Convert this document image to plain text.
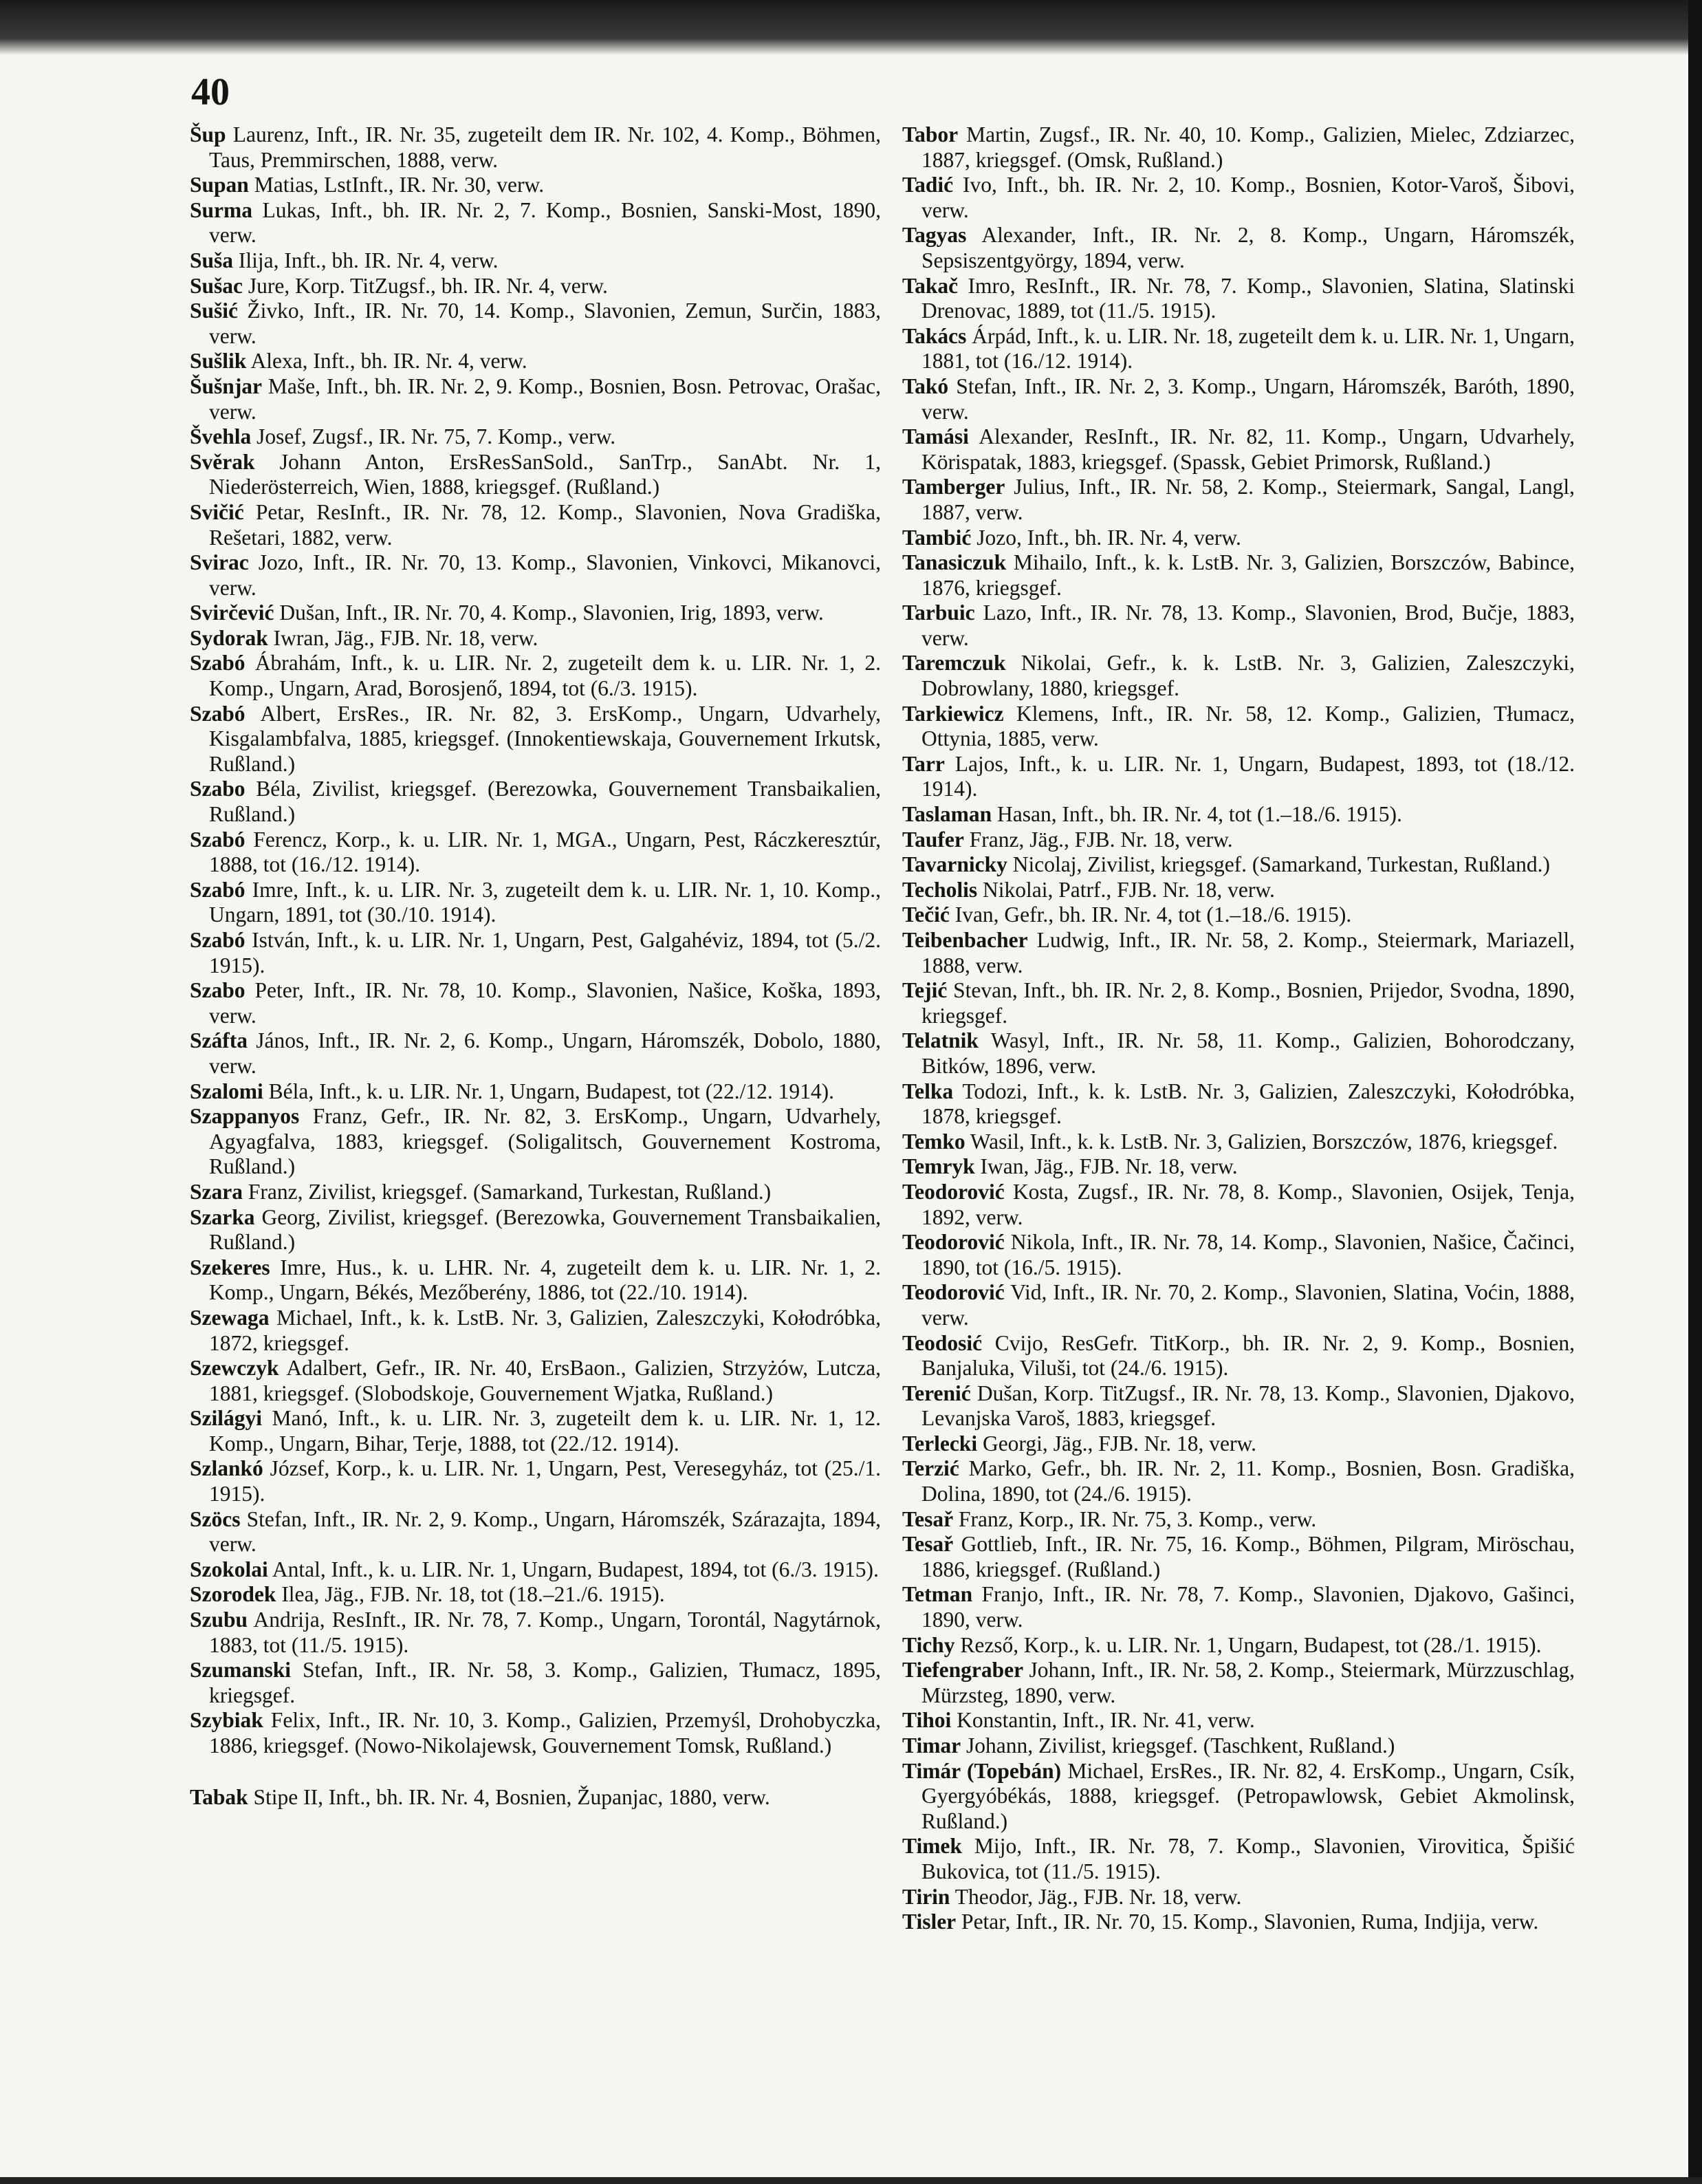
40

Šup Laurenz, Inft., IR. Nr. 35, zugeteilt dem IR. Nr. 102, 4. Komp., Böhmen, Taus, Premmirschen, 1888, verw.

Supan Matias, LstInft., IR. Nr. 30, verw.

Surma Lukas, Inft., bh. IR. Nr. 2, 7. Komp., Bosnien, Sanski-Most, 1890, verw.

Suša Ilija, Inft., bh. IR. Nr. 4, verw.

Sušac Jure, Korp. TitZugsf., bh. IR. Nr. 4, verw.

Sušić Živko, Inft., IR. Nr. 70, 14. Komp., Slavonien, Zemun, Surčin, 1883, verw.

Sušlik Alexa, Inft., bh. IR. Nr. 4, verw.

Šušnjar Maše, Inft., bh. IR. Nr. 2, 9. Komp., Bosnien, Bosn. Petrovac, Orašac, verw.

Švehla Josef, Zugsf., IR. Nr. 75, 7. Komp., verw.

Svěrak Johann Anton, ErsResSanSold., SanTrp., SanAbt. Nr. 1, Niederösterreich, Wien, 1888, kriegsgef. (Rußland.)

Svičić Petar, ResInft., IR. Nr. 78, 12. Komp., Slavonien, Nova Gradiška, Rešetari, 1882, verw.

Svirac Jozo, Inft., IR. Nr. 70, 13. Komp., Slavonien, Vinkovci, Mikanovci, verw.

Svirčević Dušan, Inft., IR. Nr. 70, 4. Komp., Slavonien, Irig, 1893, verw.

Sydorak Iwran, Jäg., FJB. Nr. 18, verw.

Szabó Ábrahám, Inft., k. u. LIR. Nr. 2, zugeteilt dem k. u. LIR. Nr. 1, 2. Komp., Ungarn, Arad, Borosjenő, 1894, tot (6./3. 1915).

Szabó Albert, ErsRes., IR. Nr. 82, 3. ErsKomp., Ungarn, Udvarhely, Kisgalambfalva, 1885, kriegsgef. (Innokentiewskaja, Gouvernement Irkutsk, Rußland.)

Szabo Béla, Zivilist, kriegsgef. (Berezowka, Gouvernement Transbaikalien, Rußland.)

Szabó Ferencz, Korp., k. u. LIR. Nr. 1, MGA., Ungarn, Pest, Ráczkeresztúr, 1888, tot (16./12. 1914).

Szabó Imre, Inft., k. u. LIR. Nr. 3, zugeteilt dem k. u. LIR. Nr. 1, 10. Komp., Ungarn, 1891, tot (30./10. 1914).

Szabó István, Inft., k. u. LIR. Nr. 1, Ungarn, Pest, Galgahéviz, 1894, tot (5./2. 1915).

Szabo Peter, Inft., IR. Nr. 78, 10. Komp., Slavonien, Našice, Koška, 1893, verw.

Száfta János, Inft., IR. Nr. 2, 6. Komp., Ungarn, Háromszék, Dobolo, 1880, verw.

Szalomi Béla, Inft., k. u. LIR. Nr. 1, Ungarn, Budapest, tot (22./12. 1914).

Szappanyos Franz, Gefr., IR. Nr. 82, 3. ErsKomp., Ungarn, Udvarhely, Agyagfalva, 1883, kriegsgef. (Soligalitsch, Gouvernement Kostroma, Rußland.)

Szara Franz, Zivilist, kriegsgef. (Samarkand, Turkestan, Rußland.)

Szarka Georg, Zivilist, kriegsgef. (Berezowka, Gouvernement Transbaikalien, Rußland.)

Szekeres Imre, Hus., k. u. LHR. Nr. 4, zugeteilt dem k. u. LIR. Nr. 1, 2. Komp., Ungarn, Békés, Mezőberény, 1886, tot (22./10. 1914).

Szewaga Michael, Inft., k. k. LstB. Nr. 3, Galizien, Zaleszczyki, Kołodróbka, 1872, kriegsgef.

Szewczyk Adalbert, Gefr., IR. Nr. 40, ErsBaon., Galizien, Strzyżów, Lutcza, 1881, kriegsgef. (Slobodskoje, Gouvernement Wjatka, Rußland.)

Szilágyi Manó, Inft., k. u. LIR. Nr. 3, zugeteilt dem k. u. LIR. Nr. 1, 12. Komp., Ungarn, Bihar, Terje, 1888, tot (22./12. 1914).

Szlankó József, Korp., k. u. LIR. Nr. 1, Ungarn, Pest, Veresegyház, tot (25./1. 1915).

Szöcs Stefan, Inft., IR. Nr. 2, 9. Komp., Ungarn, Háromszék, Szárazajta, 1894, verw.

Szokolai Antal, Inft., k. u. LIR. Nr. 1, Ungarn, Budapest, 1894, tot (6./3. 1915).

Szorodek Ilea, Jäg., FJB. Nr. 18, tot (18.–21./6. 1915).

Szubu Andrija, ResInft., IR. Nr. 78, 7. Komp., Ungarn, Torontál, Nagytárnok, 1883, tot (11./5. 1915).

Szumanski Stefan, Inft., IR. Nr. 58, 3. Komp., Galizien, Tłumacz, 1895, kriegsgef.

Szybiak Felix, Inft., IR. Nr. 10, 3. Komp., Galizien, Przemyśl, Drohobyczka, 1886, kriegsgef. (Nowo-Nikolajewsk, Gouvernement Tomsk, Rußland.)

Tabak Stipe II, Inft., bh. IR. Nr. 4, Bosnien, Županjac, 1880, verw.

Tabor Martin, Zugsf., IR. Nr. 40, 10. Komp., Galizien, Mielec, Zdziarzec, 1887, kriegsgef. (Omsk, Rußland.)

Tadić Ivo, Inft., bh. IR. Nr. 2, 10. Komp., Bosnien, Kotor-Varoš, Šibovi, verw.

Tagyas Alexander, Inft., IR. Nr. 2, 8. Komp., Ungarn, Háromszék, Sepsiszentgyörgy, 1894, verw.

Takač Imro, ResInft., IR. Nr. 78, 7. Komp., Slavonien, Slatina, Slatinski Drenovac, 1889, tot (11./5. 1915).

Takács Árpád, Inft., k. u. LIR. Nr. 18, zugeteilt dem k. u. LIR. Nr. 1, Ungarn, 1881, tot (16./12. 1914).

Takó Stefan, Inft., IR. Nr. 2, 3. Komp., Ungarn, Háromszék, Baróth, 1890, verw.

Tamási Alexander, ResInft., IR. Nr. 82, 11. Komp., Ungarn, Udvarhely, Körispatak, 1883, kriegsgef. (Spassk, Gebiet Primorsk, Rußland.)

Tamberger Julius, Inft., IR. Nr. 58, 2. Komp., Steiermark, Sangal, Langl, 1887, verw.

Tambić Jozo, Inft., bh. IR. Nr. 4, verw.

Tanasiczuk Mihailo, Inft., k. k. LstB. Nr. 3, Galizien, Borszczów, Babince, 1876, kriegsgef.

Tarbuic Lazo, Inft., IR. Nr. 78, 13. Komp., Slavonien, Brod, Bučje, 1883, verw.

Taremczuk Nikolai, Gefr., k. k. LstB. Nr. 3, Galizien, Zaleszczyki, Dobrowlany, 1880, kriegsgef.

Tarkiewicz Klemens, Inft., IR. Nr. 58, 12. Komp., Galizien, Tłumacz, Ottynia, 1885, verw.

Tarr Lajos, Inft., k. u. LIR. Nr. 1, Ungarn, Budapest, 1893, tot (18./12. 1914).

Taslaman Hasan, Inft., bh. IR. Nr. 4, tot (1.–18./6. 1915).

Taufer Franz, Jäg., FJB. Nr. 18, verw.

Tavarnicky Nicolaj, Zivilist, kriegsgef. (Samarkand, Turkestan, Rußland.)

Techolis Nikolai, Patrf., FJB. Nr. 18, verw.

Tečić Ivan, Gefr., bh. IR. Nr. 4, tot (1.–18./6. 1915).

Teibenbacher Ludwig, Inft., IR. Nr. 58, 2. Komp., Steiermark, Mariazell, 1888, verw.

Tejić Stevan, Inft., bh. IR. Nr. 2, 8. Komp., Bosnien, Prijedor, Svodna, 1890, kriegsgef.

Telatnik Wasyl, Inft., IR. Nr. 58, 11. Komp., Galizien, Bohorodczany, Bitków, 1896, verw.

Telka Todozi, Inft., k. k. LstB. Nr. 3, Galizien, Zaleszczyki, Kołodróbka, 1878, kriegsgef.

Temko Wasil, Inft., k. k. LstB. Nr. 3, Galizien, Borszczów, 1876, kriegsgef.

Temryk Iwan, Jäg., FJB. Nr. 18, verw.

Teodorović Kosta, Zugsf., IR. Nr. 78, 8. Komp., Slavonien, Osijek, Tenja, 1892, verw.

Teodorović Nikola, Inft., IR. Nr. 78, 14. Komp., Slavonien, Našice, Čačinci, 1890, tot (16./5. 1915).

Teodorović Vid, Inft., IR. Nr. 70, 2. Komp., Slavonien, Slatina, Voćin, 1888, verw.

Teodosić Cvijo, ResGefr. TitKorp., bh. IR. Nr. 2, 9. Komp., Bosnien, Banjaluka, Viluši, tot (24./6. 1915).

Terenić Dušan, Korp. TitZugsf., IR. Nr. 78, 13. Komp., Slavonien, Djakovo, Levanjska Varoš, 1883, kriegsgef.

Terlecki Georgi, Jäg., FJB. Nr. 18, verw.

Terzić Marko, Gefr., bh. IR. Nr. 2, 11. Komp., Bosnien, Bosn. Gradiška, Dolina, 1890, tot (24./6. 1915).

Tesař Franz, Korp., IR. Nr. 75, 3. Komp., verw.

Tesař Gottlieb, Inft., IR. Nr. 75, 16. Komp., Böhmen, Pilgram, Miröschau, 1886, kriegsgef. (Rußland.)

Tetman Franjo, Inft., IR. Nr. 78, 7. Komp., Slavonien, Djakovo, Gašinci, 1890, verw.

Tichy Rezső, Korp., k. u. LIR. Nr. 1, Ungarn, Budapest, tot (28./1. 1915).

Tiefengraber Johann, Inft., IR. Nr. 58, 2. Komp., Steiermark, Mürzzuschlag, Mürzsteg, 1890, verw.

Tihoi Konstantin, Inft., IR. Nr. 41, verw.

Timar Johann, Zivilist, kriegsgef. (Taschkent, Rußland.)

Timár (Topebán) Michael, ErsRes., IR. Nr. 82, 4. ErsKomp., Ungarn, Csík, Gyergyóbékás, 1888, kriegsgef. (Petropawlowsk, Gebiet Akmolinsk, Rußland.)

Timek Mijo, Inft., IR. Nr. 78, 7. Komp., Slavonien, Virovitica, Špišić Bukovica, tot (11./5. 1915).

Tirin Theodor, Jäg., FJB. Nr. 18, verw.

Tisler Petar, Inft., IR. Nr. 70, 15. Komp., Slavonien, Ruma, Indjija, verw.
